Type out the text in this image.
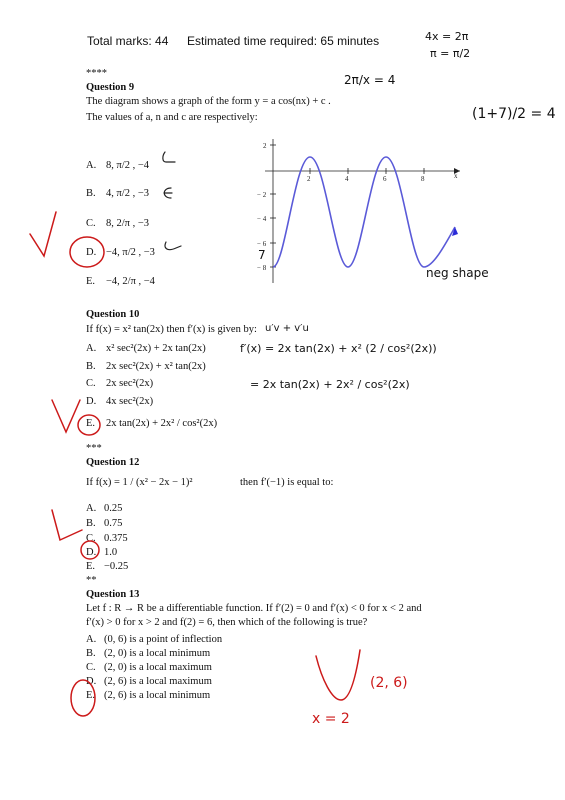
Total marks: 44 Estimated time required: 65 minutes
****
Question 9
The diagram shows a graph of the form y = a cos(nx) + c .
The values of a, n and c are respectively:
A. 8, π/2 , −4
B. 4, π/2 , −3
C. 8, 2/π , −3
D. −4, π/2 , −3
E. −4, 2/π , −4
2	4	6	8	x
2
− 2
− 4
− 6
− 8
Question 10
If f(x) = x² tan(2x) then f′(x) is given by:
A. x² sec²(2x) + 2x tan(2x)
B. 2x sec²(2x) + x² tan(2x)
C. 2x sec²(2x)
D. 4x sec²(2x)
E. 2x tan(2x) + 2x² / cos²(2x)
***
Question 12
If f(x) = 1 / (x² − 2x − 1)²	then f′(−1) is equal to:
A. 0.25
B. 0.75
C. 0.375
D. 1.0
E. −0.25
**
Question 13
Let f : R → R be a differentiable function. If f′(2) = 0 and f′(x) < 0 for x < 2 and
f′(x) > 0 for x > 2 and f(2) = 6, then which of the following is true?
A. (0, 6) is a point of inflection
B. (2, 0) is a local minimum
C. (2, 0) is a local maximum
D. (2, 6) is a local maximum
E. (2, 6) is a local minimum
4x = 2π
π = π/2
2π/x = 4
(1+7)/2 = 4
7
neg shape
u′v + v′u
f′(x) = 2x tan(2x) + x² (2 / cos²(2x))
= 2x tan(2x) + 2x² / cos²(2x)
(2, 6)
x = 2
